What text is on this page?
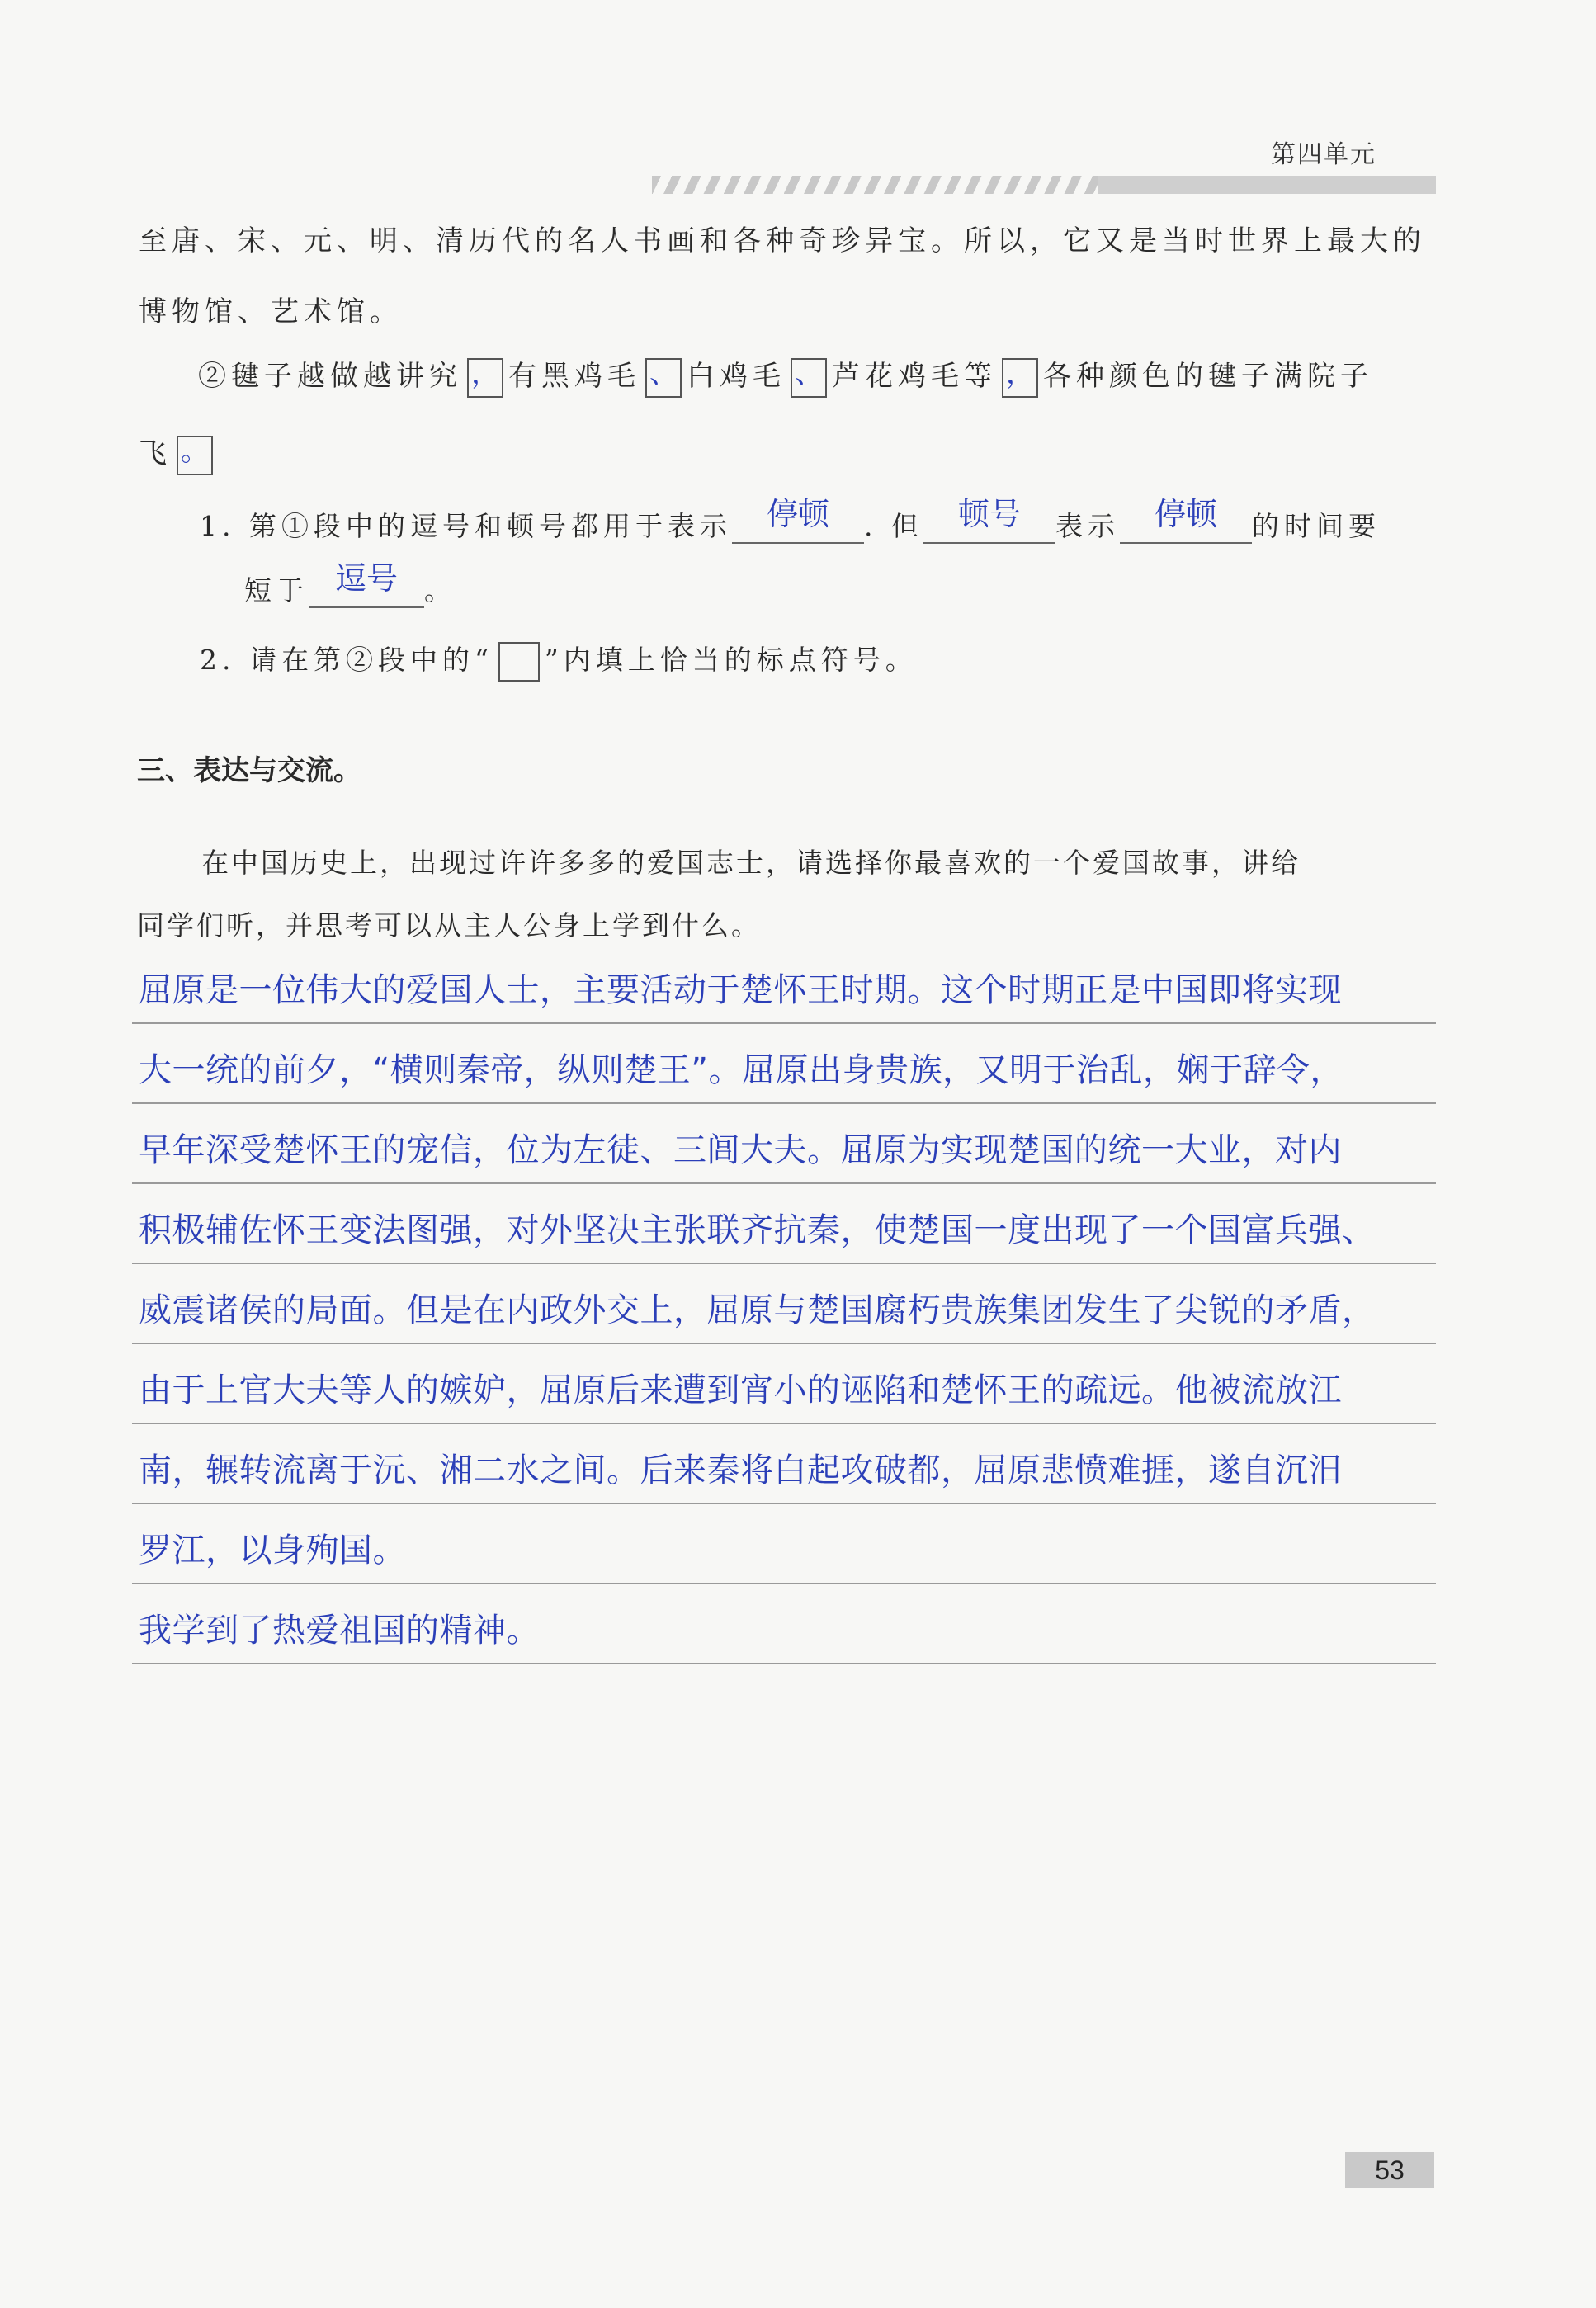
第四单元
至唐、宋、元、明、清历代的名人书画和各种奇珍异宝。所以，它又是当时世界上最大的
博物馆、艺术馆。
②毽子越做越讲究 ， 有黑鸡毛 、 白鸡毛 、 芦花鸡毛等 ， 各种颜色的毽子满院子
飞 。
1. 第①段中的逗号和顿号都用于表示	停顿	. 但	顿号	表示	停顿	的时间要
短于 逗号 。
2. 请在第②段中的“ ”内填上恰当的标点符号。
三、表达与交流。
在中国历史上，出现过许许多多的爱国志士，请选择你最喜欢的一个爱国故事，讲给
同学们听，并思考可以从主人公身上学到什么。
屈原是一位伟大的爱国人士，主要活动于楚怀王时期。这个时期正是中国即将实现
大一统的前夕，“横则秦帝，纵则楚王”。屈原出身贵族，又明于治乱，娴于辞令，
早年深受楚怀王的宠信，位为左徒、三闾大夫。屈原为实现楚国的统一大业，对内
积极辅佐怀王变法图强，对外坚决主张联齐抗秦，使楚国一度出现了一个国富兵强、
威震诸侯的局面。但是在内政外交上，屈原与楚国腐朽贵族集团发生了尖锐的矛盾，
由于上官大夫等人的嫉妒，屈原后来遭到宵小的诬陷和楚怀王的疏远。他被流放江
南，辗转流离于沅、湘二水之间。后来秦将白起攻破都，屈原悲愤难捱，遂自沉汨
罗江，以身殉国。
我学到了热爱祖国的精神。
53
